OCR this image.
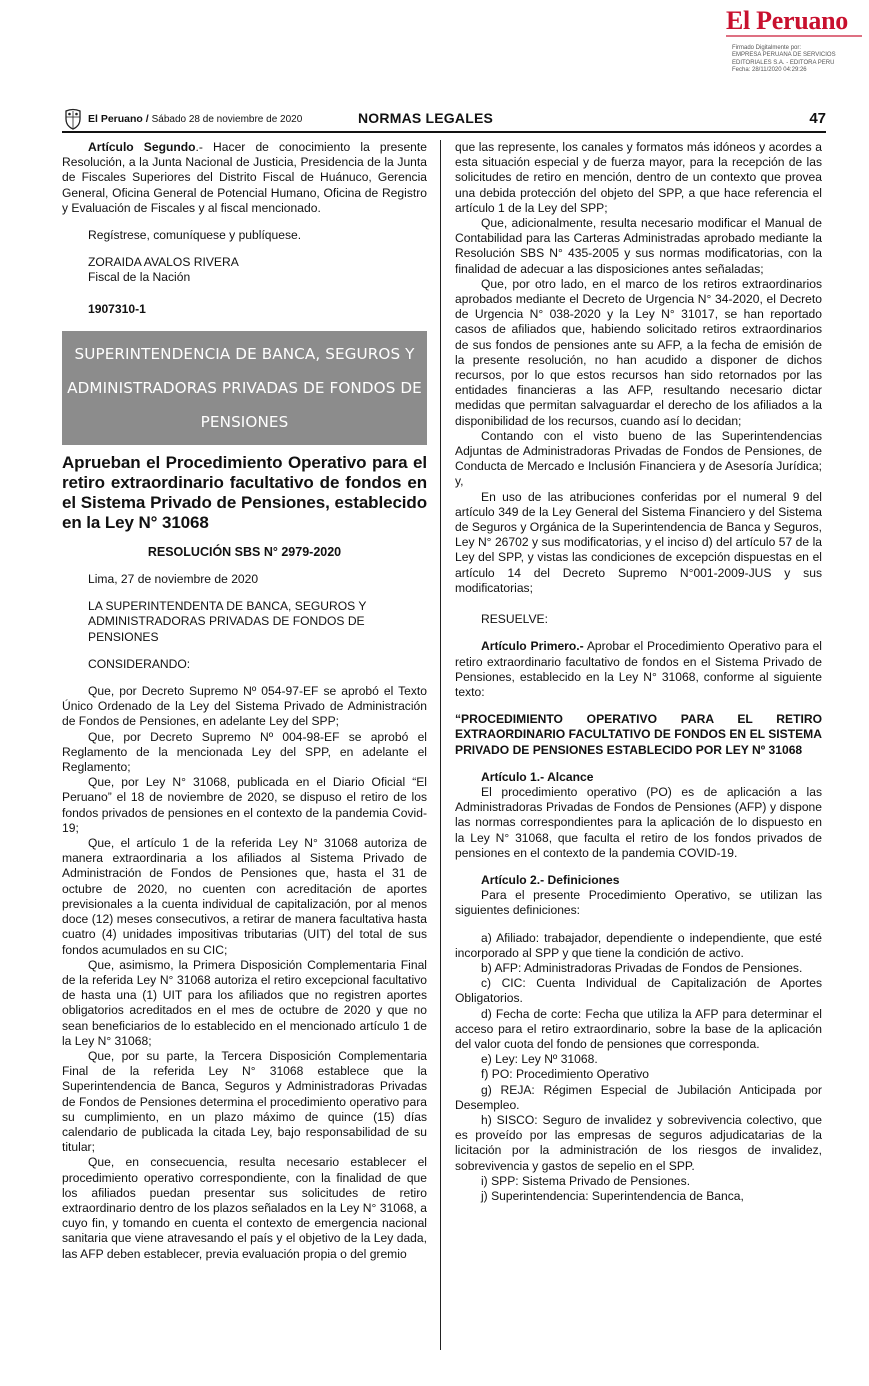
El Peruano
Firmado Digitalmente por:
EMPRESA PERUANA DE SERVICIOS
EDITORIALES S.A. - EDITORA PERU
Fecha: 28/11/2020 04:29:26
El Peruano / Sábado 28 de noviembre de 2020	NORMAS LEGALES	47

Artículo Segundo.- Hacer de conocimiento la presente Resolución, a la Junta Nacional de Justicia, Presidencia de la Junta de Fiscales Superiores del Distrito Fiscal de Huánuco, Gerencia General, Oficina General de Potencial Humano, Oficina de Registro y Evaluación de Fiscales y al fiscal mencionado.

Regístrese, comuníquese y publíquese.

ZORAIDA AVALOS RIVERA

Fiscal de la Nación

1907310-1

SUPERINTENDENCIA DE BANCA, SEGUROS Y ADMINISTRADORAS PRIVADAS DE FONDOS DE PENSIONES
Aprueban el Procedimiento Operativo para el retiro extraordinario facultativo de fondos en el Sistema Privado de Pensiones, establecido en la Ley N° 31068
RESOLUCIÓN SBS N° 2979-2020

Lima, 27 de noviembre de 2020

LA SUPERINTENDENTA DE BANCA, SEGUROS Y ADMINISTRADORAS PRIVADAS DE FONDOS DE PENSIONES

CONSIDERANDO:

Que, por Decreto Supremo Nº 054-97-EF se aprobó el Texto Único Ordenado de la Ley del Sistema Privado de Administración de Fondos de Pensiones, en adelante Ley del SPP;

Que, por Decreto Supremo Nº 004-98-EF se aprobó el Reglamento de la mencionada Ley del SPP, en adelante el Reglamento;

Que, por Ley N° 31068, publicada en el Diario Oficial “El Peruano” el 18 de noviembre de 2020, se dispuso el retiro de los fondos privados de pensiones en el contexto de la pandemia Covid-19;

Que, el artículo 1 de la referida Ley N° 31068 autoriza de manera extraordinaria a los afiliados al Sistema Privado de Administración de Fondos de Pensiones que, hasta el 31 de octubre de 2020, no cuenten con acreditación de aportes previsionales a la cuenta individual de capitalización, por al menos doce (12) meses consecutivos, a retirar de manera facultativa hasta cuatro (4) unidades impositivas tributarias (UIT) del total de sus fondos acumulados en su CIC;

Que, asimismo, la Primera Disposición Complementaria Final de la referida Ley N° 31068 autoriza el retiro excepcional facultativo de hasta una (1) UIT para los afiliados que no registren aportes obligatorios acreditados en el mes de octubre de 2020 y que no sean beneficiarios de lo establecido en el mencionado artículo 1 de la Ley N° 31068;

Que, por su parte, la Tercera Disposición Complementaria Final de la referida Ley N° 31068 establece que la Superintendencia de Banca, Seguros y Administradoras Privadas de Fondos de Pensiones determina el procedimiento operativo para su cumplimiento, en un plazo máximo de quince (15) días calendario de publicada la citada Ley, bajo responsabilidad de su titular;

Que, en consecuencia, resulta necesario establecer el procedimiento operativo correspondiente, con la finalidad de que los afiliados puedan presentar sus solicitudes de retiro extraordinario dentro de los plazos señalados en la Ley N° 31068, a cuyo fin, y tomando en cuenta el contexto de emergencia nacional sanitaria que viene atravesando el país y el objetivo de la Ley dada, las AFP deben establecer, previa evaluación propia o del gremio

que las represente, los canales y formatos más idóneos y acordes a esta situación especial y de fuerza mayor, para la recepción de las solicitudes de retiro en mención, dentro de un contexto que provea una debida protección del objeto del SPP, a que hace referencia el artículo 1 de la Ley del SPP;

Que, adicionalmente, resulta necesario modificar el Manual de Contabilidad para las Carteras Administradas aprobado mediante la Resolución SBS N° 435-2005 y sus normas modificatorias, con la finalidad de adecuar a las disposiciones antes señaladas;

Que, por otro lado, en el marco de los retiros extraordinarios aprobados mediante el Decreto de Urgencia N° 34-2020, el Decreto de Urgencia N° 038-2020 y la Ley N° 31017, se han reportado casos de afiliados que, habiendo solicitado retiros extraordinarios de sus fondos de pensiones ante su AFP, a la fecha de emisión de la presente resolución, no han acudido a disponer de dichos recursos, por lo que estos recursos han sido retornados por las entidades financieras a las AFP, resultando necesario dictar medidas que permitan salvaguardar el derecho de los afiliados a la disponibilidad de los recursos, cuando así lo decidan;

Contando con el visto bueno de las Superintendencias Adjuntas de Administradoras Privadas de Fondos de Pensiones, de Conducta de Mercado e Inclusión Financiera y de Asesoría Jurídica; y,

En uso de las atribuciones conferidas por el numeral 9 del artículo 349 de la Ley General del Sistema Financiero y del Sistema de Seguros y Orgánica de la Superintendencia de Banca y Seguros, Ley N° 26702 y sus modificatorias, y el inciso d) del artículo 57 de la Ley del SPP, y vistas las condiciones de excepción dispuestas en el artículo 14 del Decreto Supremo N°001-2009-JUS y sus modificatorias;

RESUELVE:

Artículo Primero.- Aprobar el Procedimiento Operativo para el retiro extraordinario facultativo de fondos en el Sistema Privado de Pensiones, establecido en la Ley N° 31068, conforme al siguiente texto:

“PROCEDIMIENTO OPERATIVO PARA EL RETIRO EXTRAORDINARIO FACULTATIVO DE FONDOS EN EL SISTEMA PRIVADO DE PENSIONES ESTABLECIDO POR LEY Nº 31068

Artículo 1.- Alcance

El procedimiento operativo (PO) es de aplicación a las Administradoras Privadas de Fondos de Pensiones (AFP) y dispone las normas correspondientes para la aplicación de lo dispuesto en la Ley N° 31068, que faculta el retiro de los fondos privados de pensiones en el contexto de la pandemia COVID-19.

Artículo 2.- Definiciones

Para el presente Procedimiento Operativo, se utilizan las siguientes definiciones:

a) Afiliado: trabajador, dependiente o independiente, que esté incorporado al SPP y que tiene la condición de activo.

b) AFP: Administradoras Privadas de Fondos de Pensiones.

c) CIC: Cuenta Individual de Capitalización de Aportes Obligatorios.

d) Fecha de corte: Fecha que utiliza la AFP para determinar el acceso para el retiro extraordinario, sobre la base de la aplicación del valor cuota del fondo de pensiones que corresponda.

e) Ley: Ley Nº 31068.

f) PO: Procedimiento Operativo

g) REJA: Régimen Especial de Jubilación Anticipada por Desempleo.

h) SISCO: Seguro de invalidez y sobrevivencia colectivo, que es proveído por las empresas de seguros adjudicatarias de la licitación por la administración de los riesgos de invalidez, sobrevivencia y gastos de sepelio en el SPP.

i) SPP: Sistema Privado de Pensiones.

j) Superintendencia: Superintendencia de Banca,
